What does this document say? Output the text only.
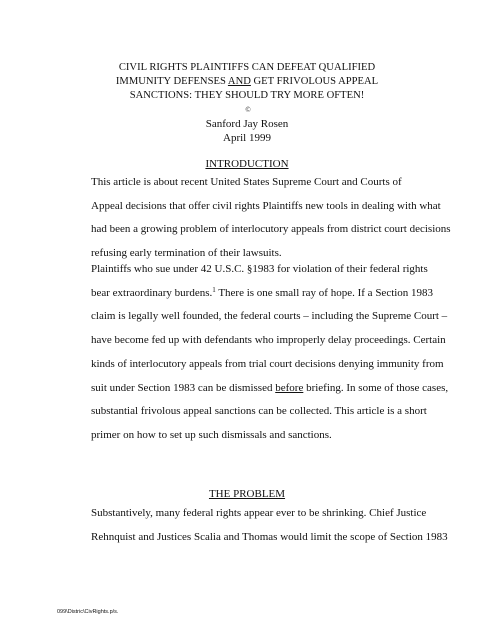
CIVIL RIGHTS PLAINTIFFS CAN DEFEAT QUALIFIED
IMMUNITY DEFENSES AND GET FRIVOLOUS APPEAL
SANCTIONS: THEY SHOULD TRY MORE OFTEN!
©
Sanford Jay Rosen
April 1999
INTRODUCTION

This article is about recent United States Supreme Court and Courts of
Appeal decisions that offer civil rights Plaintiffs new tools in dealing with what
had been a growing problem of interlocutory appeals from district court decisions
refusing early termination of their lawsuits.

Plaintiffs who sue under 42 U.S.C. §1983 for violation of their federal rights
bear extraordinary burdens.$^1$ There is one small ray of hope. If a Section 1983
claim is legally well founded, the federal courts – including the Supreme Court –
have become fed up with defendants who improperly delay proceedings. Certain
kinds of interlocutory appeals from trial court decisions denying immunity from
suit under Section 1983 can be dismissed before briefing. In some of those cases,
substantial frivolous appeal sanctions can be collected. This article is a short
primer on how to set up such dismissals and sanctions.

THE PROBLEM

Substantively, many federal rights appear ever to be shrinking. Chief Justice
Rehnquist and Justices Scalia and Thomas would limit the scope of Section 1983

099\Distric\CivRights.p/s.
